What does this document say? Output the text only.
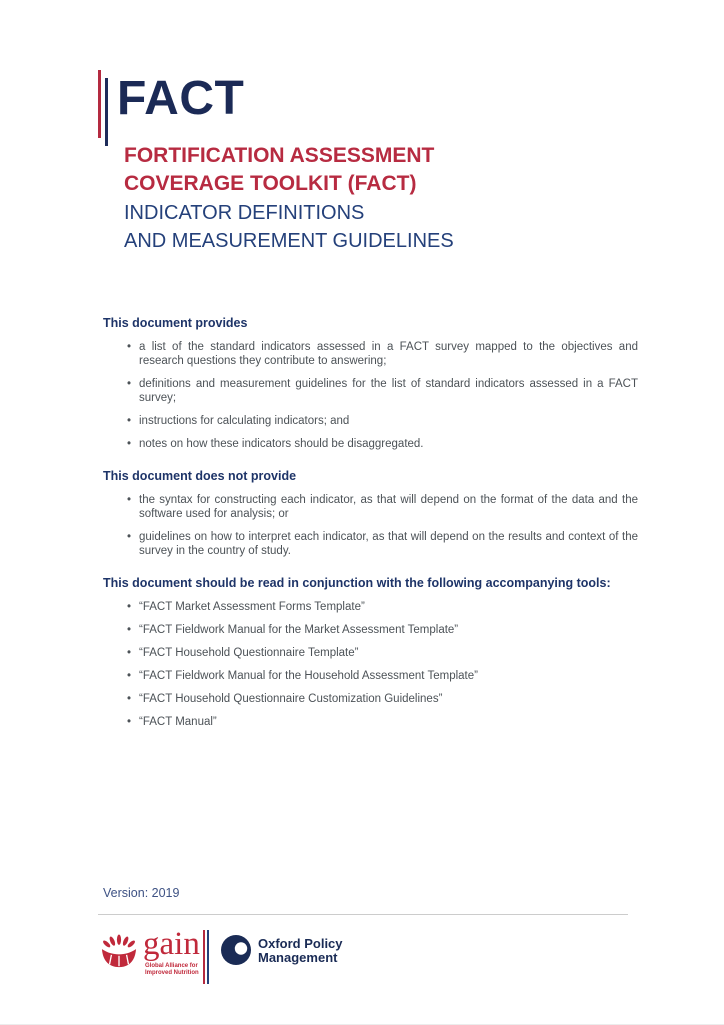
FACT
FORTIFICATION ASSESSMENT
COVERAGE TOOLKIT (FACT)
INDICATOR DEFINITIONS
AND MEASUREMENT GUIDELINES
This document provides
• a list of the standard indicators assessed in a FACT survey mapped to the objectives and research questions they contribute to answering;
• definitions and measurement guidelines for the list of standard indicators assessed in a FACT survey;
• instructions for calculating indicators; and
• notes on how these indicators should be disaggregated.
This document does not provide
• the syntax for constructing each indicator, as that will depend on the format of the data and the software used for analysis; or
• guidelines on how to interpret each indicator, as that will depend on the results and context of the survey in the country of study.
This document should be read in conjunction with the following accompanying tools:
• “FACT Market Assessment Forms Template”
• “FACT Fieldwork Manual for the Market Assessment Template”
• “FACT Household Questionnaire Template”
• “FACT Fieldwork Manual for the Household Assessment Template”
• “FACT Household Questionnaire Customization Guidelines”
• “FACT Manual”
Version: 2019
gain
Global Alliance for
Improved Nutrition
Oxford Policy
Management
